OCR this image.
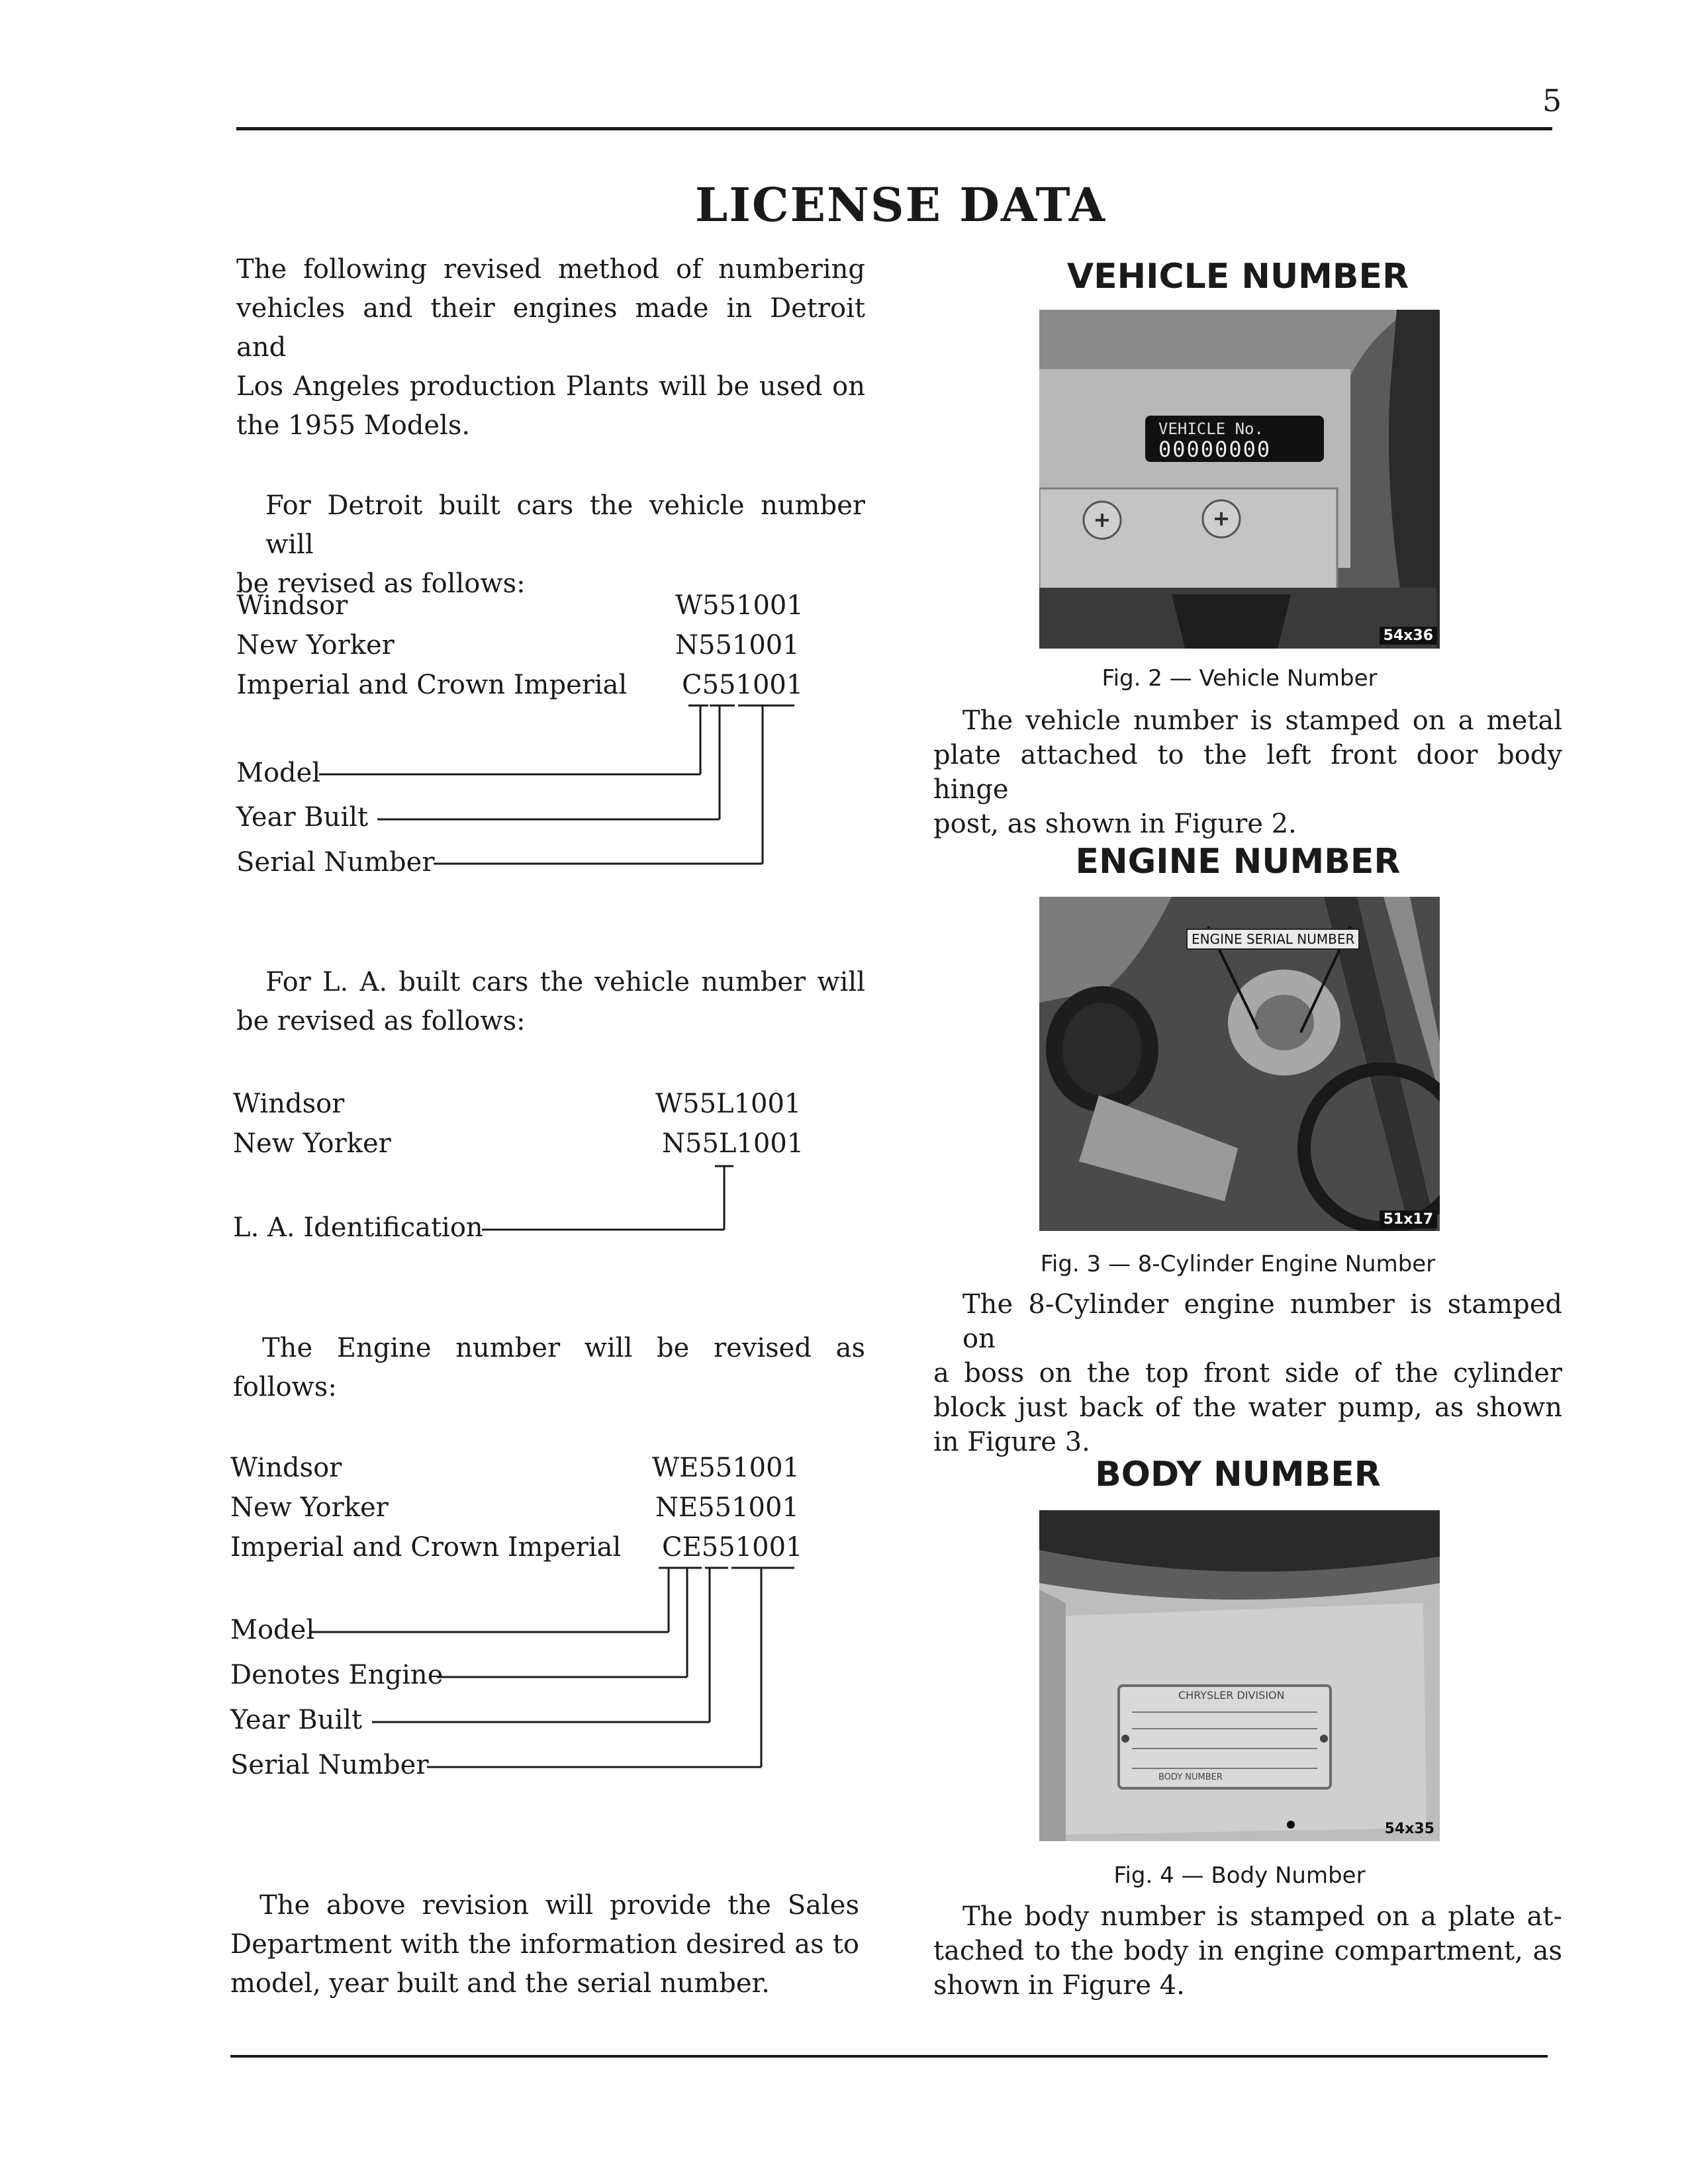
5
LICENSE DATA
The following revised method of numbering
vehicles and their engines made in Detroit and
Los Angeles production Plants will be used on
the 1955 Models.
For Detroit built cars the vehicle number will
be revised as follows:
Windsor	W551001
New Yorker	N551001
Imperial and Crown Imperial C551001
Model
Year Built
Serial Number
For L. A. built cars the vehicle number will
be revised as follows:
Windsor	W55L1001
New Yorker	N55L1001
L. A. Identification
The Engine number will be revised as
follows:
Windsor	WE551001
New Yorker	NE551001
Imperial and Crown Imperial CE551001
Model
Denotes Engine
Year Built
Serial Number
The above revision will provide the Sales
Department with the information desired as to
model, year built and the serial number.
VEHICLE NUMBER
VEHICLE No.
00000000
54x36
Fig. 2 — Vehicle Number
The vehicle number is stamped on a metal
plate attached to the left front door body hinge
post, as shown in Figure 2.
ENGINE NUMBER
ENGINE SERIAL NUMBER
51x17
Fig. 3 — 8-Cylinder Engine Number
The 8-Cylinder engine number is stamped on
a boss on the top front side of the cylinder
block just back of the water pump, as shown
in Figure 3.
BODY NUMBER
CHRYSLER DIVISION
BODY NUMBER
54x35
Fig. 4 — Body Number
The body number is stamped on a plate at-
tached to the body in engine compartment, as
shown in Figure 4.
